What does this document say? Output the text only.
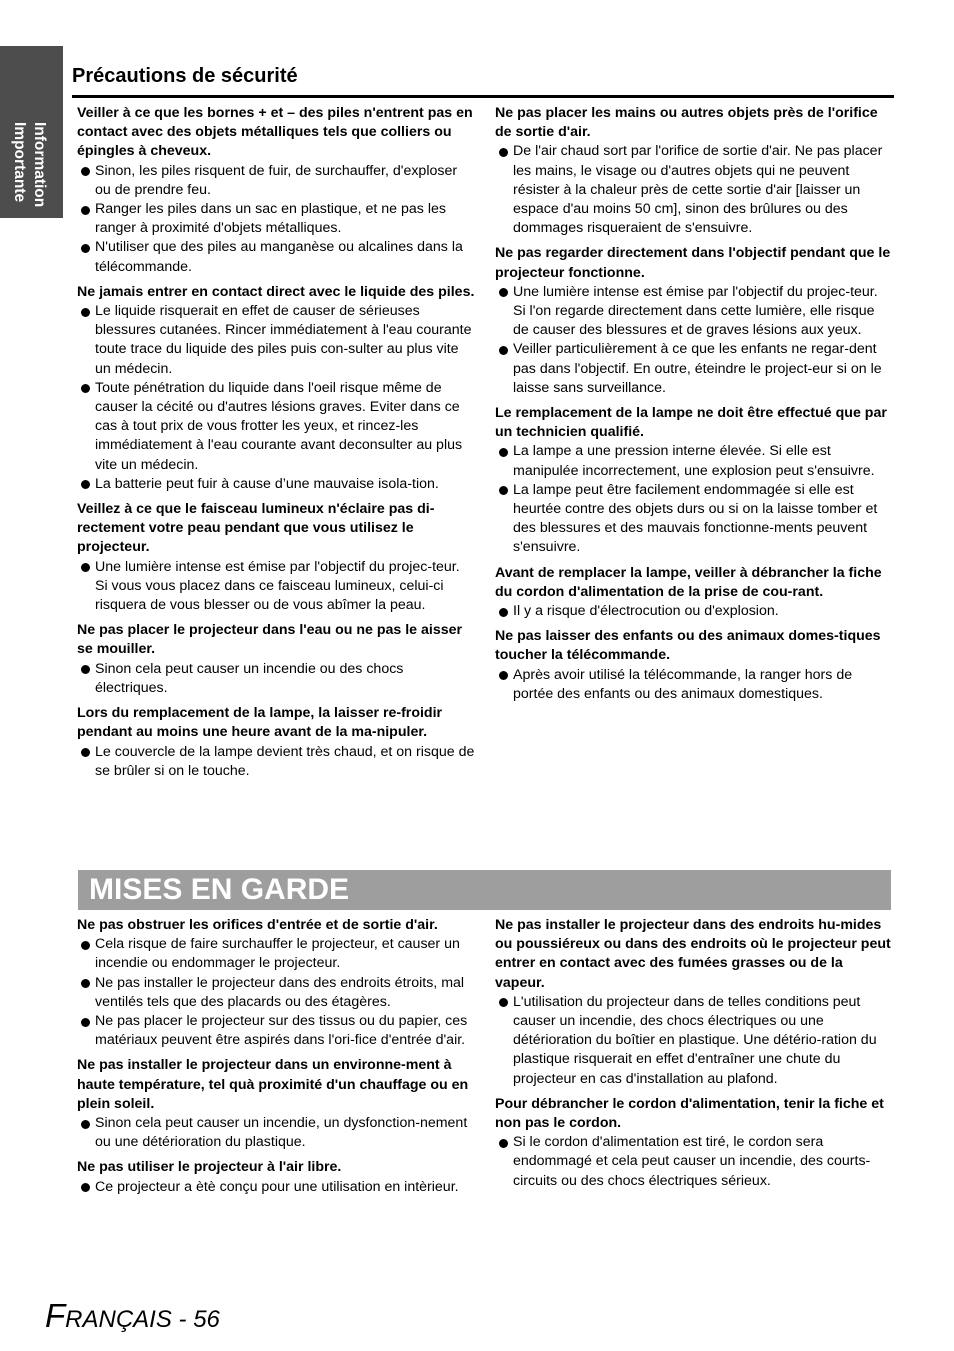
Information
Importante
Précautions de sécurité
Veiller à ce que les bornes + et – des piles n'entrent pas en contact avec des objets métalliques tels que colliers ou épingles à cheveux.
Sinon, les piles risquent de fuir, de surchauffer, d'exploser ou de prendre feu.
Ranger les piles dans un sac en plastique, et ne pas les ranger à proximité d'objets métalliques.
N'utiliser que des piles au manganèse ou alcalines dans la télécommande.
Ne jamais entrer en contact direct avec le liquide des piles.
Le liquide risquerait en effet de causer de sérieuses blessures cutanées. Rincer immédiatement à l'eau courante toute trace du liquide des piles puis con-sulter au plus vite un médecin.
Toute pénétration du liquide dans l'oeil risque même de causer la cécité ou d'autres lésions graves. Eviter dans ce cas à tout prix de vous frotter les yeux, et rincez-les immédiatement à l'eau courante avant deconsulter au plus vite un médecin.
La batterie peut fuir à cause d’une mauvaise isola-tion.
Veillez à ce que le faisceau lumineux n'éclaire pas di-rectement votre peau pendant que vous utilisez le projecteur.
Une lumière intense est émise par l'objectif du projec-teur. Si vous vous placez dans ce faisceau lumineux, celui-ci risquera de vous blesser ou de vous abîmer la peau.
Ne pas placer le projecteur dans l'eau ou ne pas le aisser se mouiller.
Sinon cela peut causer un incendie ou des chocs électriques.
Lors du remplacement de la lampe, la laisser re-froidir pendant au moins une heure avant de la ma-nipuler.
Le couvercle de la lampe devient très chaud, et on risque de se brûler si on le touche.
Ne pas placer les mains ou autres objets près de l'orifice de sortie d'air.
De l'air chaud sort par l'orifice de sortie d'air. Ne pas placer les mains, le visage ou d'autres objets qui ne peuvent résister à la chaleur près de cette sortie d'air [laisser un espace d'au moins 50 cm], sinon des brûlures ou des dommages risqueraient de s'ensuivre.
Ne pas regarder directement dans l'objectif pendant que le projecteur fonctionne.
Une lumière intense est émise par l'objectif du projec-teur. Si l'on regarde directement dans cette lumière, elle risque de causer des blessures et de graves lésions aux yeux.
Veiller particulièrement à ce que les enfants ne regar-dent pas dans l'objectif. En outre, éteindre le project-eur si on le laisse sans surveillance.
Le remplacement de la lampe ne doit être effectué que par un technicien qualifié.
La lampe a une pression interne élevée. Si elle est manipulée incorrectement, une explosion peut s'ensuivre.
La lampe peut être facilement endommagée si elle est heurtée contre des objets durs ou si on la laisse tomber et des blessures et des mauvais fonctionne-ments peuvent s'ensuivre.
Avant de remplacer la lampe, veiller à débrancher la fiche du cordon d'alimentation de la prise de cou-rant.
Il y a risque d'électrocution ou d'explosion.
Ne pas laisser des enfants ou des animaux domes-tiques toucher la télécommande.
Après avoir utilisé la télécommande, la ranger hors de portée des enfants ou des animaux domestiques.
MISES EN GARDE
Ne pas obstruer les orifices d'entrée et de sortie d'air.
Cela risque de faire surchauffer le projecteur, et causer un incendie ou endommager le projecteur.
Ne pas installer le projecteur dans des endroits étroits, mal ventilés tels que des placards ou des étagères.
Ne pas placer le projecteur sur des tissus ou du papier, ces matériaux peuvent être aspirés dans l'ori-fice d'entrée d'air.
Ne pas installer le projecteur dans un environne-ment à haute température, tel quà proximité d'un chauffage ou en plein soleil.
Sinon cela peut causer un incendie, un dysfonction-nement ou une détérioration du plastique.
Ne pas utiliser le projecteur à l'air libre.
Ce projecteur a ètè conçu pour une utilisation en intèrieur.
Ne pas installer le projecteur dans des endroits hu-mides ou poussiéreux ou dans des endroits où le projecteur peut entrer en contact avec des fumées grasses ou de la vapeur.
L'utilisation du projecteur dans de telles conditions peut causer un incendie, des chocs électriques ou une détérioration du boîtier en plastique. Une détério-ration du plastique risquerait en effet d'entraîner une chute du projecteur en cas d'installation au plafond.
Pour débrancher le cordon d'alimentation, tenir la fiche et non pas le cordon.
Si le cordon d'alimentation est tiré, le cordon sera endommagé et cela peut causer un incendie, des courts-circuits ou des chocs électriques sérieux.
FRANÇAIS - 56
